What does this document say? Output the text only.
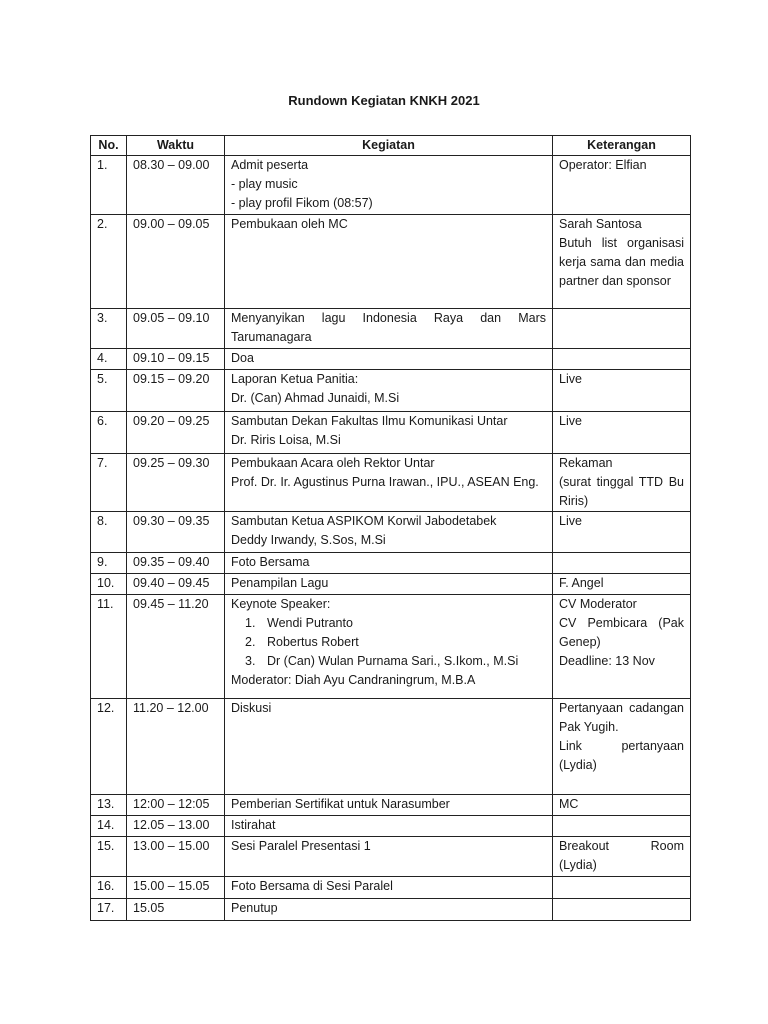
Rundown Kegiatan KNKH 2021
No.	Waktu	Kegiatan	Keterangan
1.	08.30 – 09.00	Admit peserta
- play music
- play profil Fikom (08:57)	Operator: Elfian

2.	09.00 – 09.05	Pembukaan oleh MC	Sarah Santosa
Butuh list organisasi kerja sama dan media partner dan sponsor

3.	09.05 – 09.10	Menyanyikan lagu Indonesia Raya dan Mars Tarumanagara	

4.	09.10 – 09.15	Doa	

5.	09.15 – 09.20	Laporan Ketua Panitia:
Dr. (Can) Ahmad Junaidi, M.Si	Live

6.	09.20 – 09.25	Sambutan Dekan Fakultas Ilmu Komunikasi Untar
Dr. Riris Loisa, M.Si	Live

7.	09.25 – 09.30	Pembukaan Acara oleh Rektor Untar
Prof. Dr. Ir. Agustinus Purna Irawan., IPU., ASEAN Eng.	Rekaman
(surat tinggal TTD Bu Riris)

8.	09.30 – 09.35	Sambutan Ketua ASPIKOM Korwil Jabodetabek
Deddy Irwandy, S.Sos, M.Si	Live

9.	09.35 – 09.40	Foto Bersama	

10.	09.40 – 09.45	Penampilan Lagu	F. Angel

11.	09.45 – 11.20	Keynote Speaker:
1. Wendi Putranto
2. Robertus Robert
3. Dr (Can) Wulan Purnama Sari., S.Ikom., M.Si
Moderator: Diah Ayu Candraningrum, M.B.A	CV Moderator
CV Pembicara (Pak Genep)
Deadline: 13 Nov

12.	11.20 – 12.00	Diskusi	Pertanyaan cadangan Pak Yugih.
Link pertanyaan (Lydia)

13.	12:00 – 12:05	Pemberian Sertifikat untuk Narasumber	MC

14.	12.05 – 13.00	Istirahat	

15.	13.00 – 15.00	Sesi Paralel Presentasi 1	Breakout Room (Lydia)

16.	15.00 – 15.05	Foto Bersama di Sesi Paralel	

17.	15.05	Penutup	
